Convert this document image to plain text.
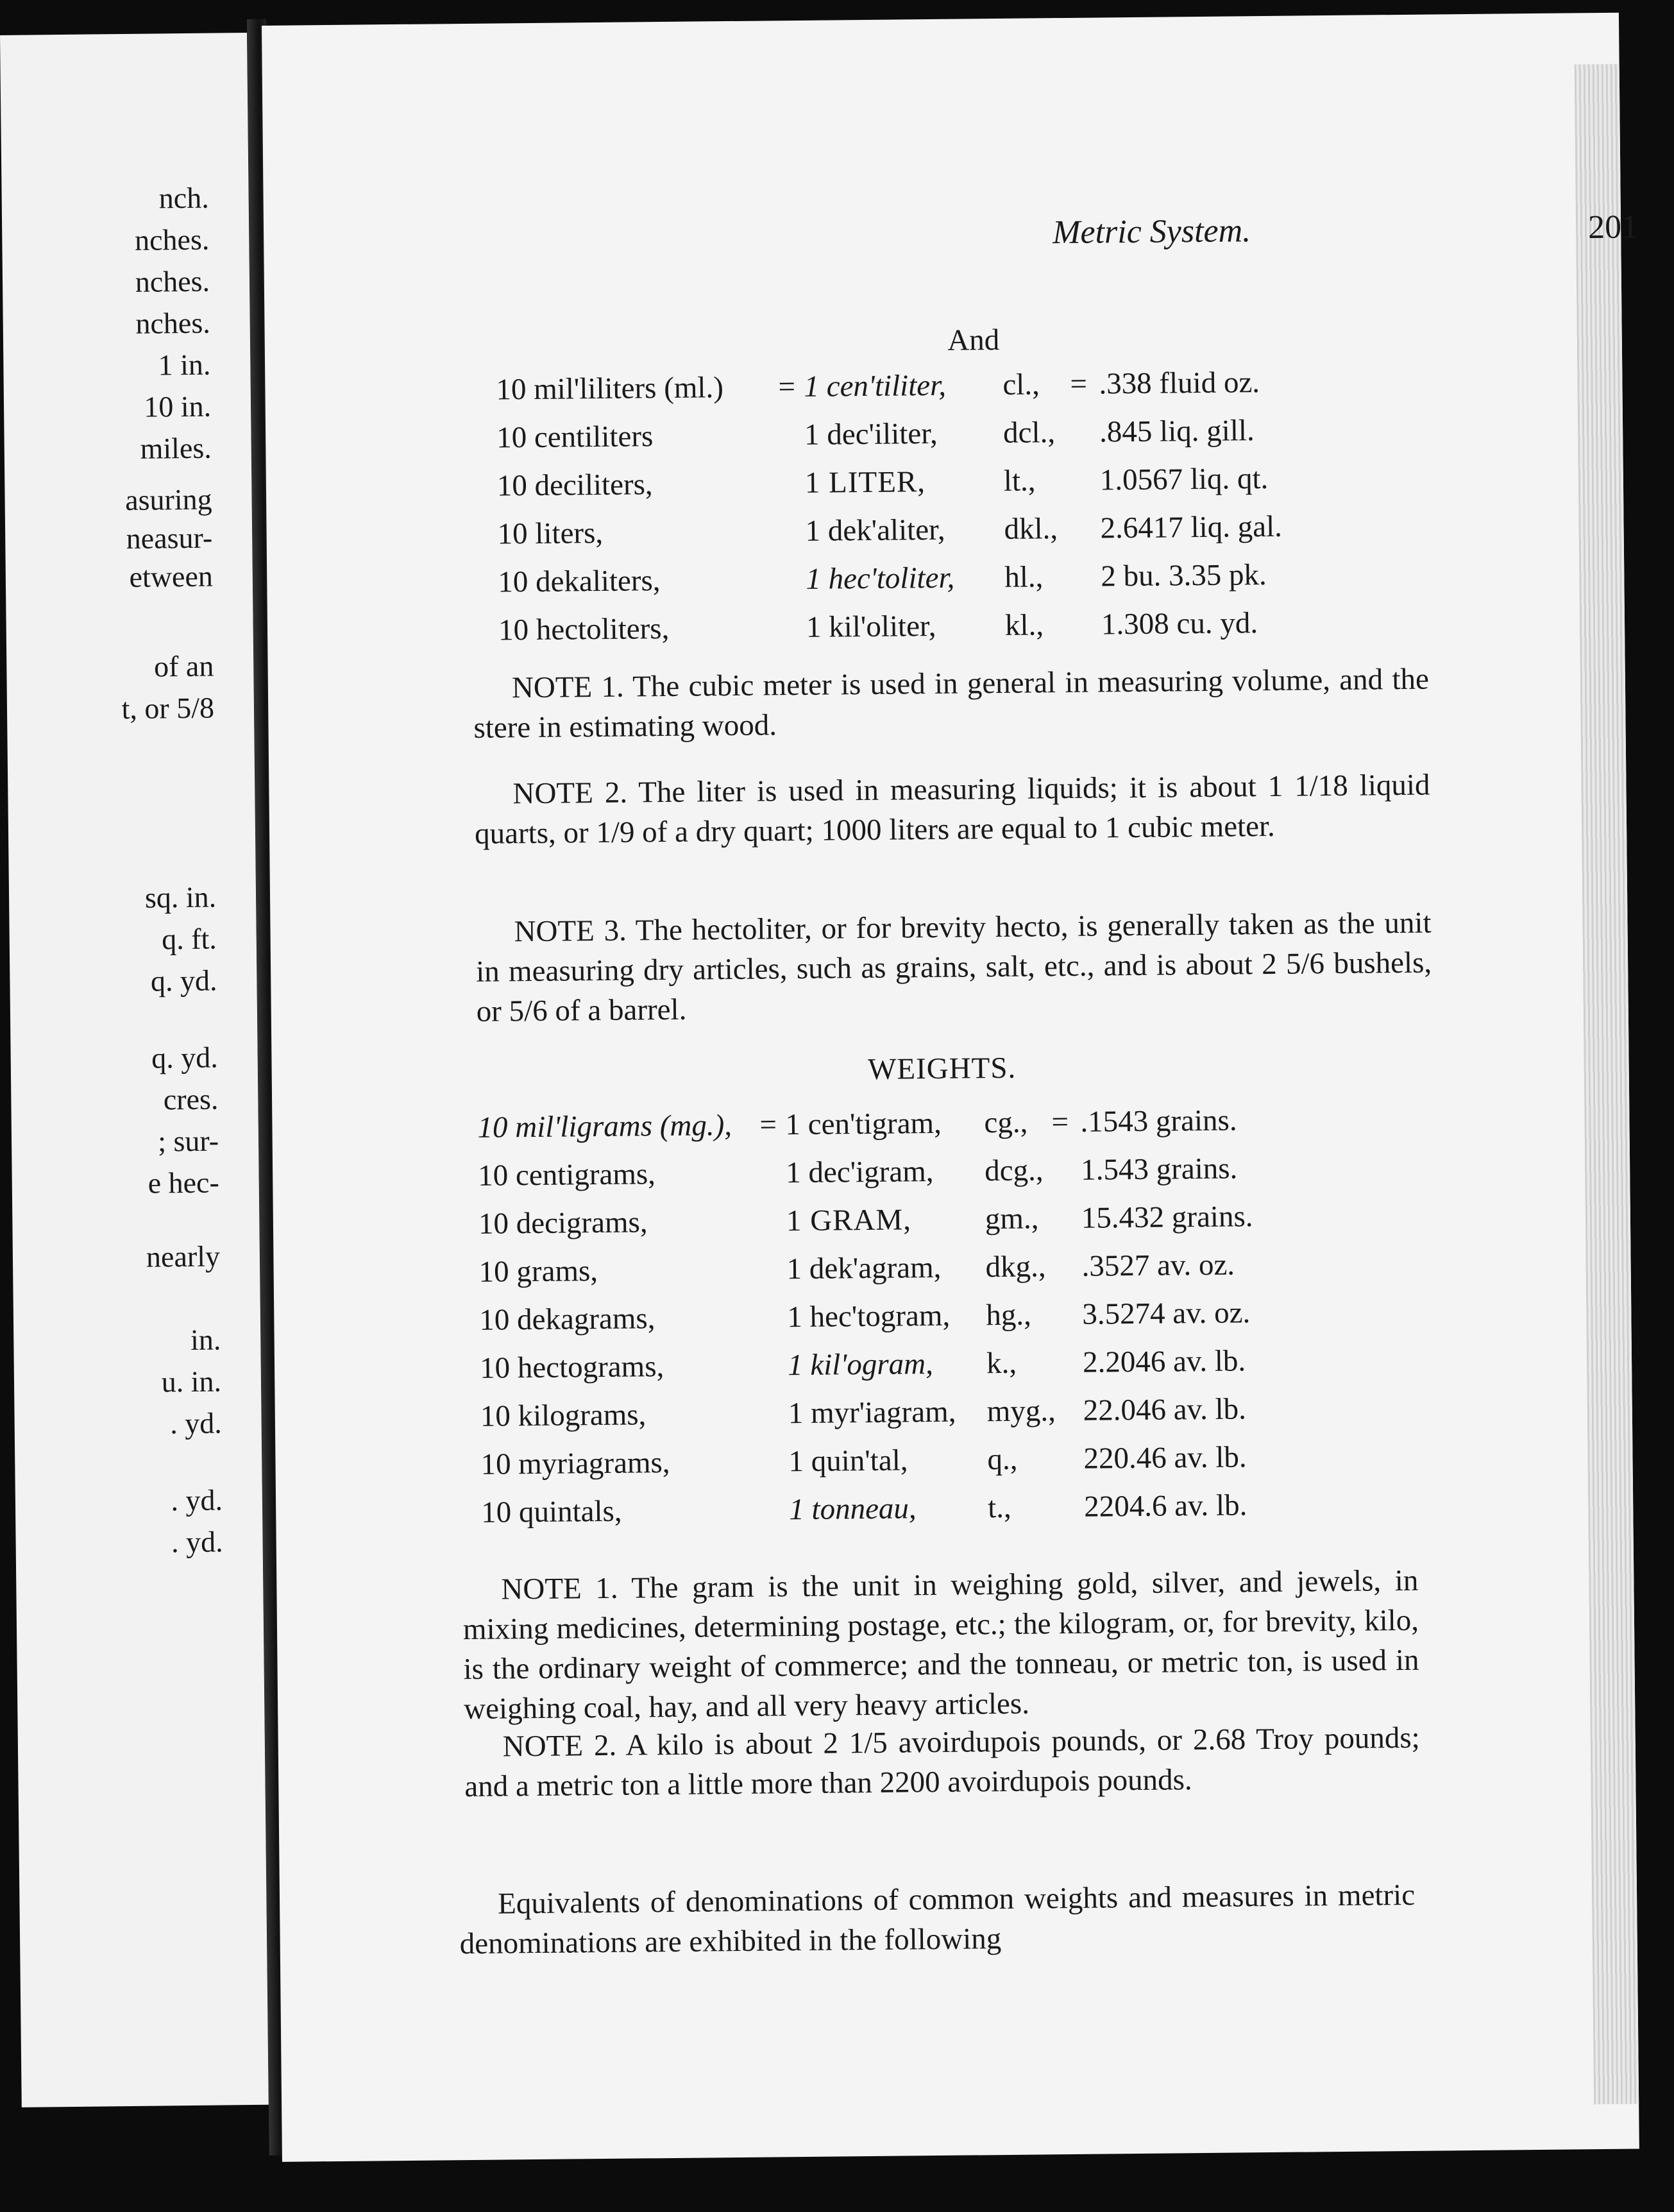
nch.
nches.
nches.
nches.
1 in.
10 in.
miles.
asuring
neasur-
etween
of an
t, or 5/8
sq. in.
q. ft.
q. yd.
q. yd.
cres.
; sur-
e hec-
nearly
in.
u. in.
. yd.
. yd.
. yd.
Metric System.	201
And
10 mil'liliters (ml.) = 1 cen'tiliter, cl., = .338 fluid oz.
10 centiliters	1 dec'iliter, dcl., .845 liq. gill.
10 deciliters,	1 LITER,	lt., 1.0567 liq. qt.
10 liters,	1 dek'aliter, dkl., 2.6417 liq. gal.
10 dekaliters,	1 hec'toliter, hl., 2 bu. 3.35 pk.
10 hectoliters,	1 kil'oliter, kl., 1.308 cu. yd.
NOTE 1. The cubic meter is used in general in measuring volume, and the stere in estimating wood.
NOTE 2. The liter is used in measuring liquids; it is about 1 1/18 liquid quarts, or 1/9 of a dry quart; 1000 liters are equal to 1 cubic meter.
NOTE 3. The hectoliter, or for brevity hecto, is generally taken as the unit in measuring dry articles, such as grains, salt, etc., and is about 2 5/6 bushels, or 5/6 of a barrel.
WEIGHTS.
10 mil'ligrams (mg.), = 1 cen'tigram, cg., = .1543 grains.
10 centigrams,	1 dec'igram, dcg., 1.543 grains.
10 decigrams,	1 GRAM, gm., 15.432 grains.
10 grams,	1 dek'agram, dkg., .3527 av. oz.
10 dekagrams,	1 hec'togram, hg., 3.5274 av. oz.
10 hectograms,	1 kil'ogram, k., 2.2046 av. lb.
10 kilograms,	1 myr'iagram, myg., 22.046 av. lb.
10 myriagrams,	1 quin'tal,	q., 220.46 av. lb.
10 quintals,	1 tonneau, t., 2204.6 av. lb.
NOTE 1. The gram is the unit in weighing gold, silver, and jewels, in mixing medicines, determining postage, etc.; the kilogram, or, for brevity, kilo, is the ordinary weight of commerce; and the tonneau, or metric ton, is used in weighing coal, hay, and all very heavy articles.
NOTE 2. A kilo is about 2 1/5 avoirdupois pounds, or 2.68 Troy pounds; and a metric ton a little more than 2200 avoirdupois pounds.
Equivalents of denominations of common weights and measures in metric denominations are exhibited in the following
